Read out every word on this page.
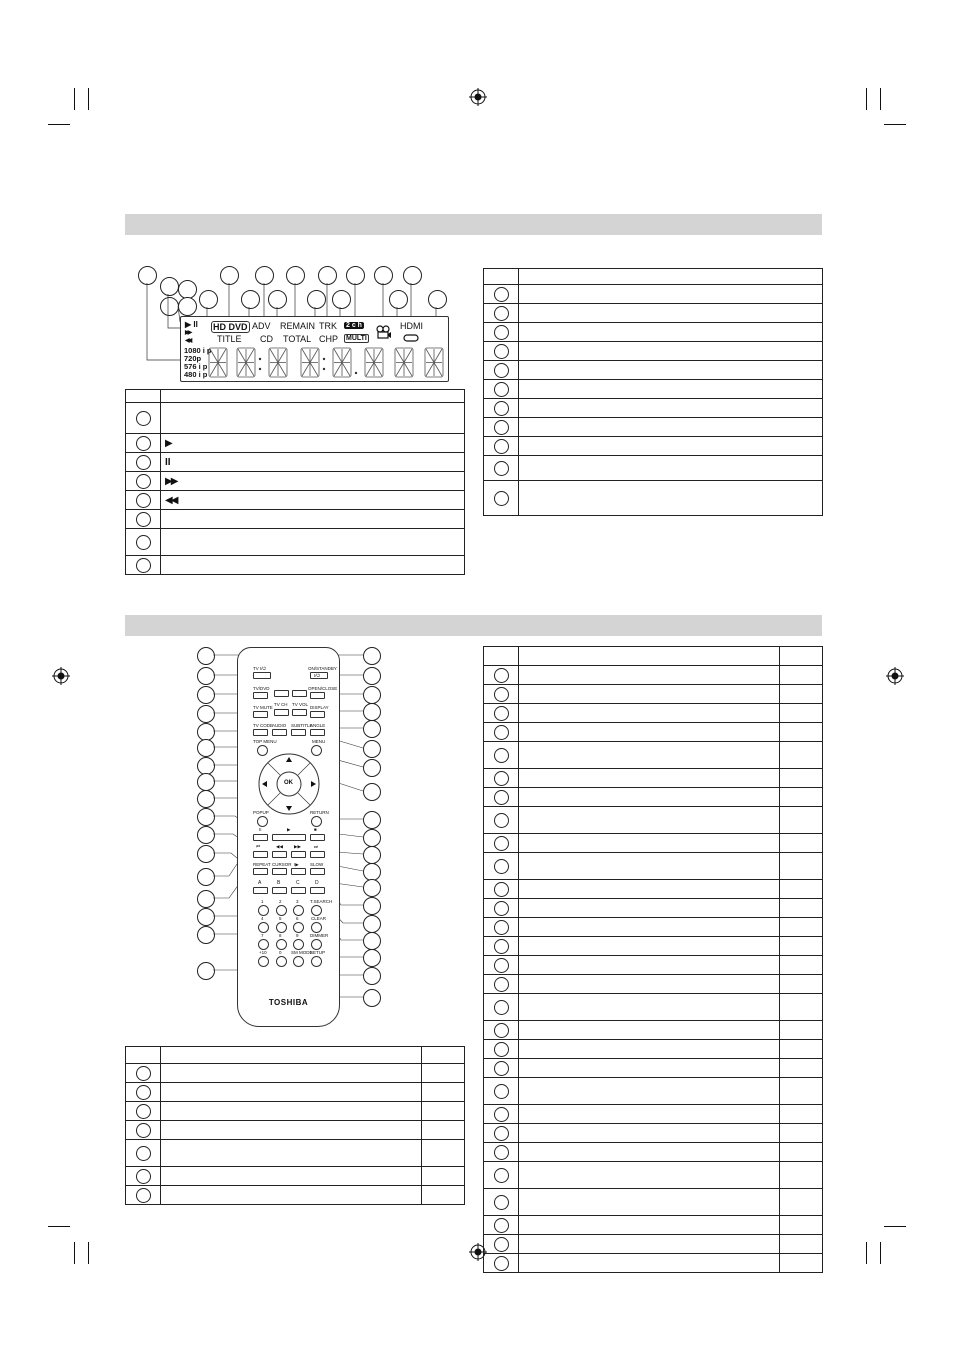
▶ II
▶▶
◀◀
1080 i p
720p
576 i p
480 i p
HD DVD
TITLE
ADV
CD
REMAIN
TOTAL
TRK
CHP
2 c h
MULTI
HDMI

	▶
	II
	▶▶
	◀◀

TV I/⏻	ON/STANDBY
I/⏻
TV/DVD	OPEN/CLOSE
TV MUTE
TV CH TV VOL
DISPLAY
TV CODE
AUDIO SUBTITLE
ANGLE
TOP MENU	MENU
OK
POPUP	RETURN
II	▶	■
⏮	◀◀ ▶▶	⏭
REPEAT CURSOR I▶	SLOW
A	B	C	D
1	2	3	T.SEARCH
4	5	6	CLEAR
7	8	9	DIMMER
+10	0 SM MODE
SETUP
TOSHIBA
